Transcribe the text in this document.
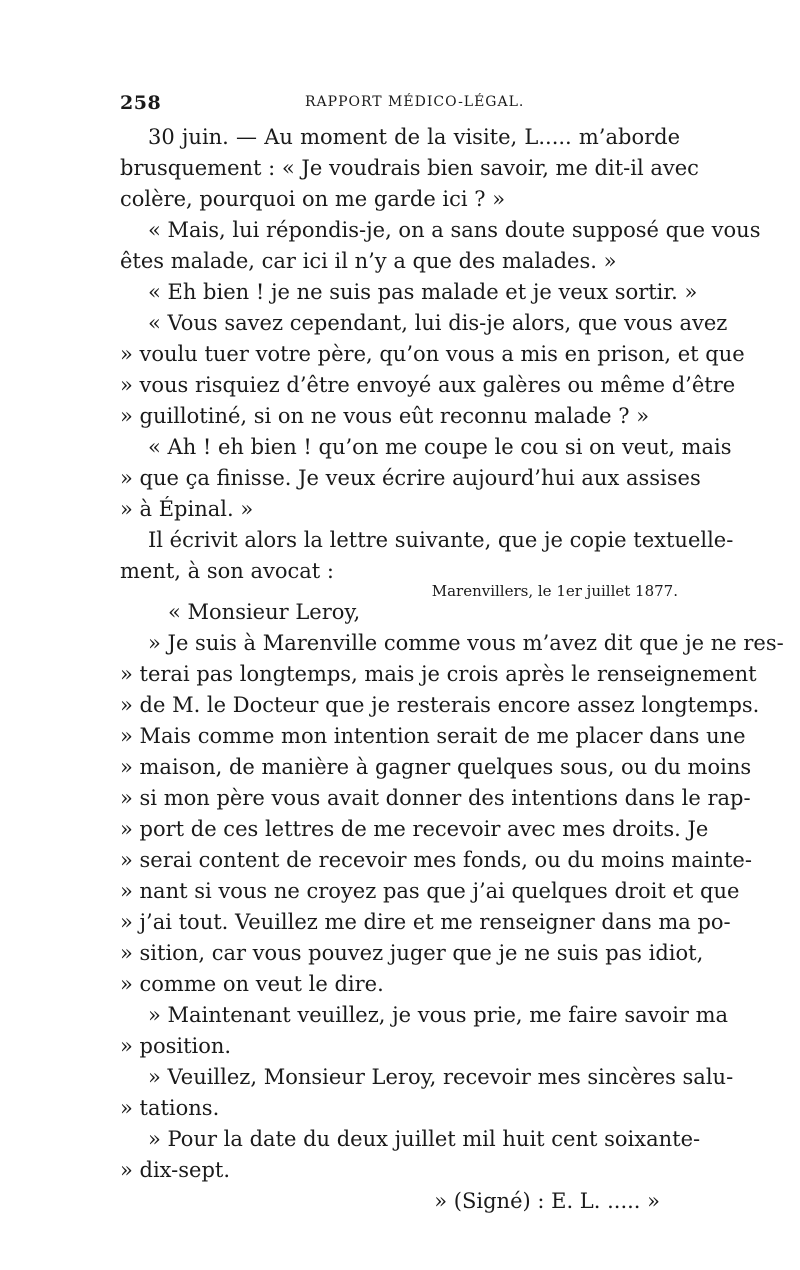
258	RAPPORT MÉDICO-LÉGAL.
30 juin. — Au moment de la visite, L..... m’aborde
brusquement : « Je voudrais bien savoir, me dit-il avec
colère, pourquoi on me garde ici ? »
« Mais, lui répondis-je, on a sans doute supposé que vous
êtes malade, car ici il n’y a que des malades. »
« Eh bien ! je ne suis pas malade et je veux sortir. »
« Vous savez cependant, lui dis-je alors, que vous avez
» voulu tuer votre père, qu’on vous a mis en prison, et que
» vous risquiez d’être envoyé aux galères ou même d’être
» guillotiné, si on ne vous eût reconnu malade ? »
« Ah ! eh bien ! qu’on me coupe le cou si on veut, mais
» que ça finisse. Je veux écrire aujourd’hui aux assises
» à Épinal. »
Il écrivit alors la lettre suivante, que je copie textuelle-
ment, à son avocat :
Marenvillers, le 1er juillet 1877.
« Monsieur Leroy,
» Je suis à Marenville comme vous m’avez dit que je ne res-
» terai pas longtemps, mais je crois après le renseignement
» de M. le Docteur que je resterais encore assez longtemps.
» Mais comme mon intention serait de me placer dans une
» maison, de manière à gagner quelques sous, ou du moins
» si mon père vous avait donner des intentions dans le rap-
» port de ces lettres de me recevoir avec mes droits. Je
» serai content de recevoir mes fonds, ou du moins mainte-
» nant si vous ne croyez pas que j’ai quelques droit et que
» j’ai tout. Veuillez me dire et me renseigner dans ma po-
» sition, car vous pouvez juger que je ne suis pas idiot,
» comme on veut le dire.
» Maintenant veuillez, je vous prie, me faire savoir ma
» position.
» Veuillez, Monsieur Leroy, recevoir mes sincères salu-
» tations.
» Pour la date du deux juillet mil huit cent soixante-
» dix-sept.
» (Signé) : E. L. ..... »
